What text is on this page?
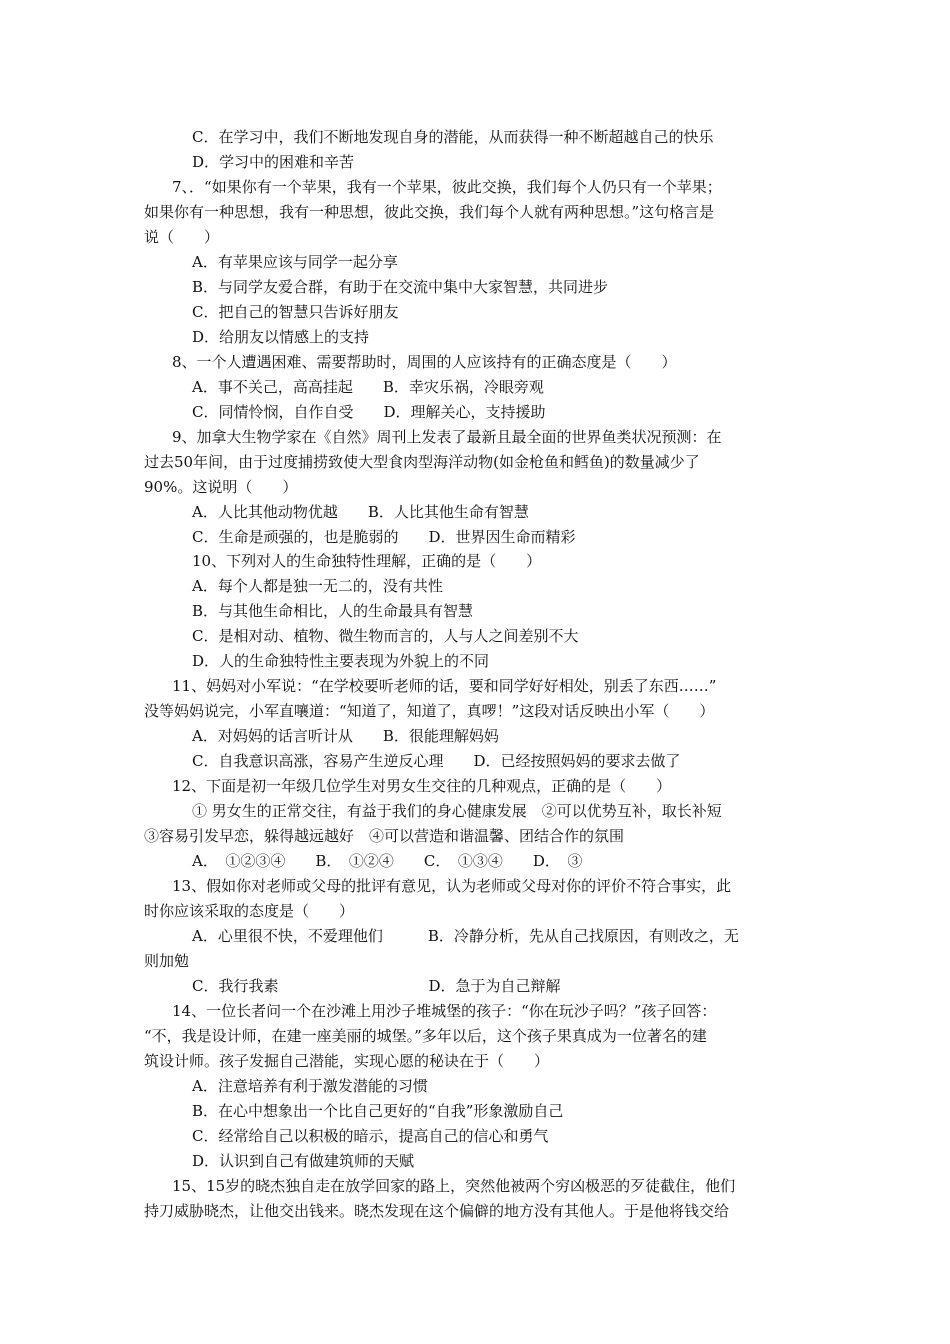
C．在学习中，我们不断地发现自身的潜能，从而获得一种不断超越自己的快乐
D．学习中的困难和辛苦
7、．“如果你有一个苹果，我有一个苹果，彼此交换，我们每个人仍只有一个苹果；
如果你有一种思想，我有一种思想，彼此交换，我们每个人就有两种思想。”这句格言是
说（　　）
A．有苹果应该与同学一起分享
B．与同学友爱合群，有助于在交流中集中大家智慧，共同进步
C．把自己的智慧只告诉好朋友
D．给朋友以情感上的支持
8、一个人遭遇困难、需要帮助时，周围的人应该持有的正确态度是（　　）
A．事不关己，高高挂起　　B．幸灾乐祸，冷眼旁观
C．同情怜悯，自作自受　　D．理解关心，支持援助
9、加拿大生物学家在《自然》周刊上发表了最新且最全面的世界鱼类状况预测：在
过去50年间，由于过度捕捞致使大型食肉型海洋动物(如金枪鱼和鳕鱼)的数量减少了
90%。这说明（　　）
A．人比其他动物优越　　B．人比其他生命有智慧
C．生命是顽强的，也是脆弱的　　D．世界因生命而精彩
10、下列对人的生命独特性理解，正确的是（　　）
A．每个人都是独一无二的，没有共性
B．与其他生命相比，人的生命最具有智慧
C．是相对动、植物、微生物而言的，人与人之间差别不大
D．人的生命独特性主要表现为外貌上的不同
11、妈妈对小军说：“在学校要听老师的话，要和同学好好相处，别丢了东西……”
没等妈妈说完，小军直嚷道：“知道了，知道了，真啰！”这段对话反映出小军（　　）
A．对妈妈的话言听计从　　B．很能理解妈妈
C．自我意识高涨，容易产生逆反心理　　D．已经按照妈妈的要求去做了
12、下面是初一年级几位学生对男女生交往的几种观点，正确的是（　　）
① 男女生的正常交往，有益于我们的身心健康发展　②可以优势互补，取长补短
③容易引发早恋，躲得越远越好　④可以营造和谐温馨、团结合作的氛围
A．　①②③④　　B．　①②④　　C．　①③④　　D．　③
13、假如你对老师或父母的批评有意见，认为老师或父母对你的评价不符合事实，此
时你应该采取的态度是（　　）
A．心里很不快，不爱理他们　　　B．冷静分析，先从自己找原因，有则改之，无
则加勉
C．我行我素　　　　　　　　　　D．急于为自己辩解
14、一位长者问一个在沙滩上用沙子堆城堡的孩子：“你在玩沙子吗？”孩子回答：
“不，我是设计师，在建一座美丽的城堡。”多年以后，这个孩子果真成为一位著名的建
筑设计师。孩子发掘自己潜能，实现心愿的秘诀在于（　　）
A．注意培养有利于激发潜能的习惯
B．在心中想象出一个比自己更好的“自我”形象激励自己
C．经常给自己以积极的暗示，提高自己的信心和勇气
D．认识到自己有做建筑师的天赋
15、15岁的晓杰独自走在放学回家的路上，突然他被两个穷凶极恶的歹徒截住，他们
持刀威胁晓杰，让他交出钱来。晓杰发现在这个偏僻的地方没有其他人。于是他将钱交给
